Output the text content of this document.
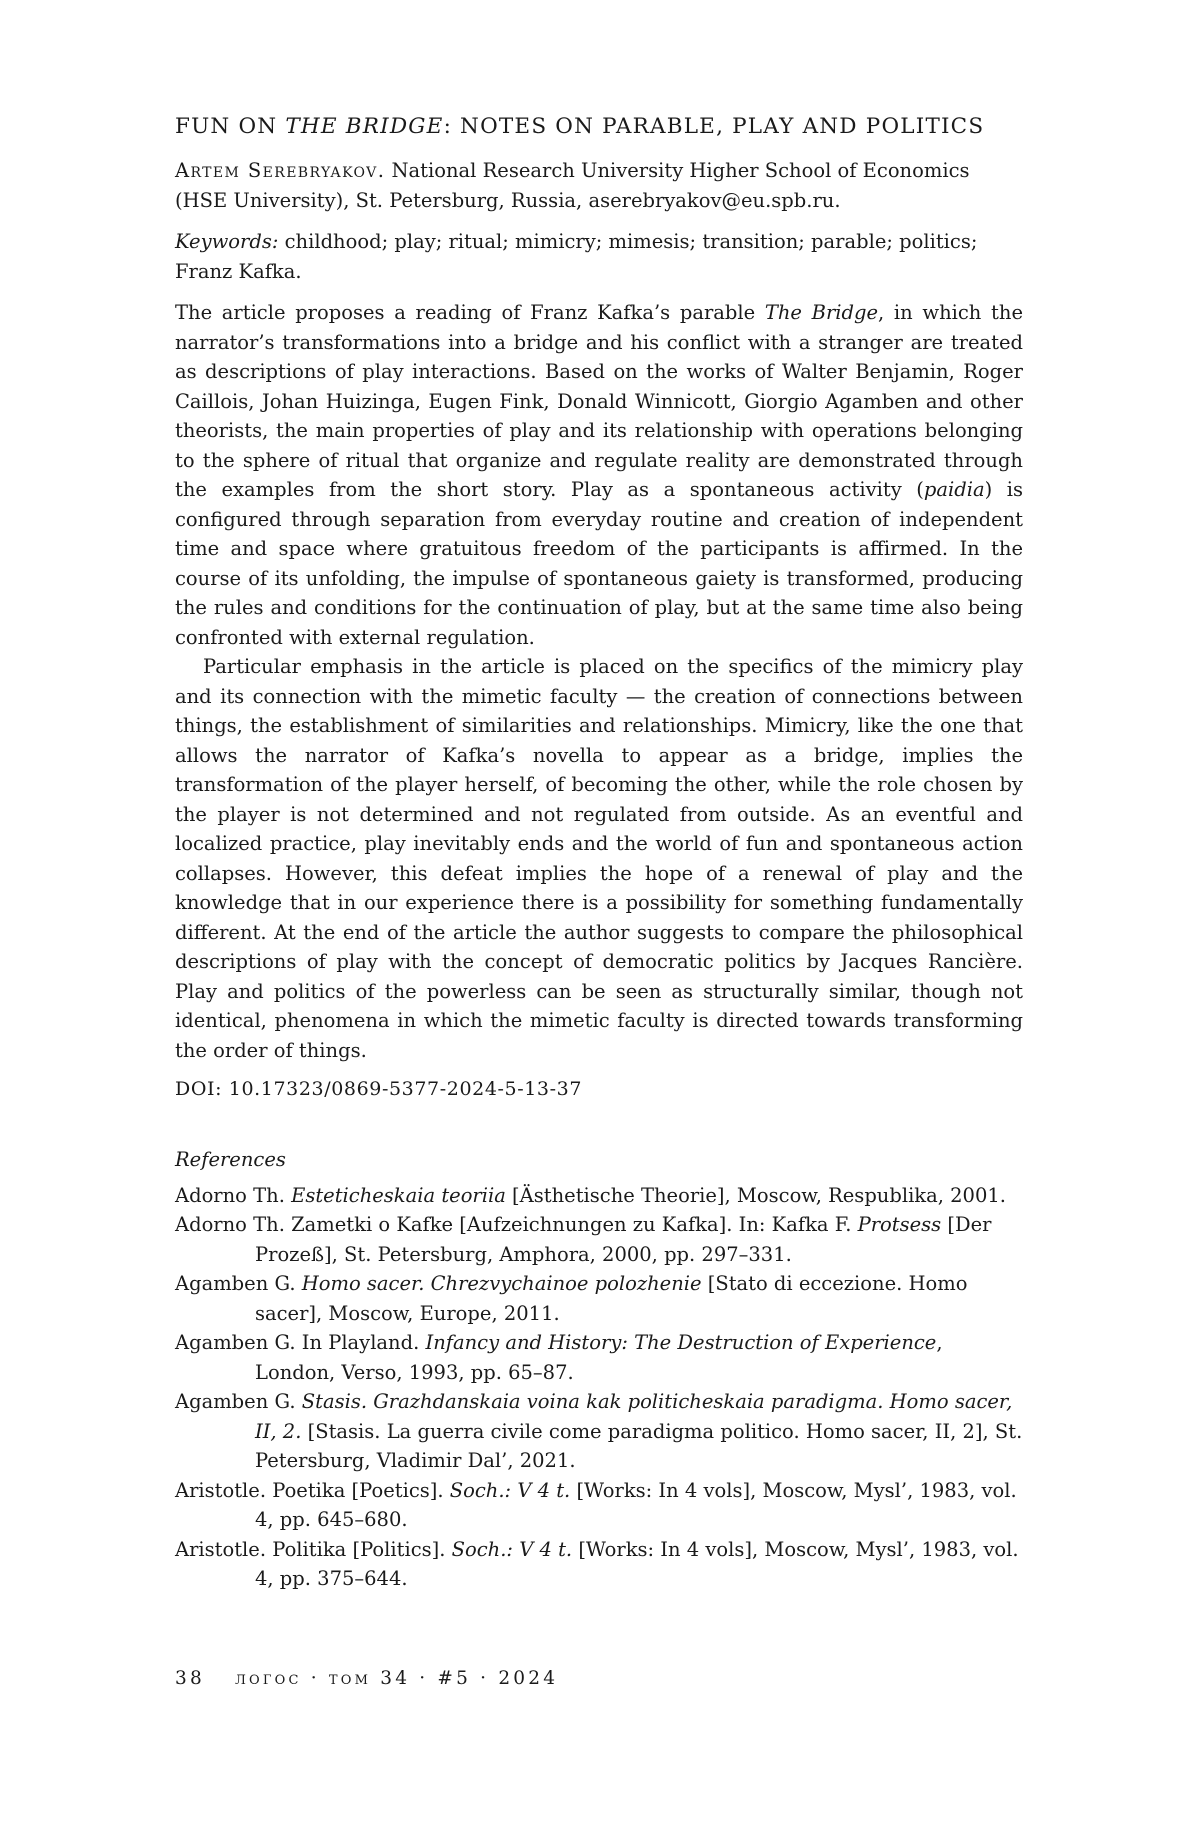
FUN ON THE BRIDGE: NOTES ON PARABLE, PLAY AND POLITICS

Artem Serebryakov. National Research University Higher School of Economics (HSE University), St. Petersburg, Russia, aserebryakov@eu.spb.ru.

Keywords: childhood; play; ritual; mimicry; mimesis; transition; parable; politics; Franz Kafka.

The article proposes a reading of Franz Kafka’s parable The Bridge, in which the narrator’s transformations into a bridge and his conflict with a stranger are treated as descriptions of play interactions. Based on the works of Walter Benjamin, Roger Caillois, Johan Huizinga, Eugen Fink, Donald Winnicott, Giorgio Agamben and other theorists, the main properties of play and its relationship with operations belonging to the sphere of ritual that organize and regulate reality are demonstrated through the examples from the short story. Play as a spontaneous activity (paidia) is configured through separation from everyday routine and creation of independent time and space where gratuitous freedom of the participants is affirmed. In the course of its unfolding, the impulse of spontaneous gaiety is transformed, producing the rules and conditions for the continuation of play, but at the same time also being confronted with external regulation.

Particular emphasis in the article is placed on the specifics of the mimicry play and its connection with the mimetic faculty — the creation of connections between things, the establishment of similarities and relationships. Mimicry, like the one that allows the narrator of Kafka’s novella to appear as a bridge, implies the transformation of the player herself, of becoming the other, while the role chosen by the player is not determined and not regulated from outside. As an eventful and localized practice, play inevitably ends and the world of fun and spontaneous action collapses. However, this defeat implies the hope of a renewal of play and the knowledge that in our experience there is a possibility for something fundamentally different. At the end of the article the author suggests to compare the philosophical descriptions of play with the concept of democratic politics by Jacques Rancière. Play and politics of the powerless can be seen as structurally similar, though not identical, phenomena in which the mimetic faculty is directed towards transforming the order of things.

DOI: 10.17323/0869-5377-2024-5-13-37

References

Adorno Th. Esteticheskaia teoriia [Ästhetische Theorie], Moscow, Respublika, 2001.

Adorno Th. Zametki o Kafke [Aufzeichnungen zu Kafka]. In: Kafka F. Protsess [Der Prozeß], St. Petersburg, Amphora, 2000, pp. 297–331.

Agamben G. Homo sacer. Chrezvychainoe polozhenie [Stato di eccezione. Homo sacer], Moscow, Europe, 2011.

Agamben G. In Playland. Infancy and History: The Destruction of Experience, London, Verso, 1993, pp. 65–87.

Agamben G. Stasis. Grazhdanskaia voina kak politicheskaia paradigma. Homo sacer, II, 2. [Stasis. La guerra civile come paradigma politico. Homo sacer, II, 2], St. Petersburg, Vladimir Dal’, 2021.

Aristotle. Poetika [Poetics]. Soch.: V 4 t. [Works: In 4 vols], Moscow, Mysl’, 1983, vol. 4, pp. 645–680.

Aristotle. Politika [Politics]. Soch.: V 4 t. [Works: In 4 vols], Moscow, Mysl’, 1983, vol. 4, pp. 375–644.

38 логос · том 34 · #5 · 2024
